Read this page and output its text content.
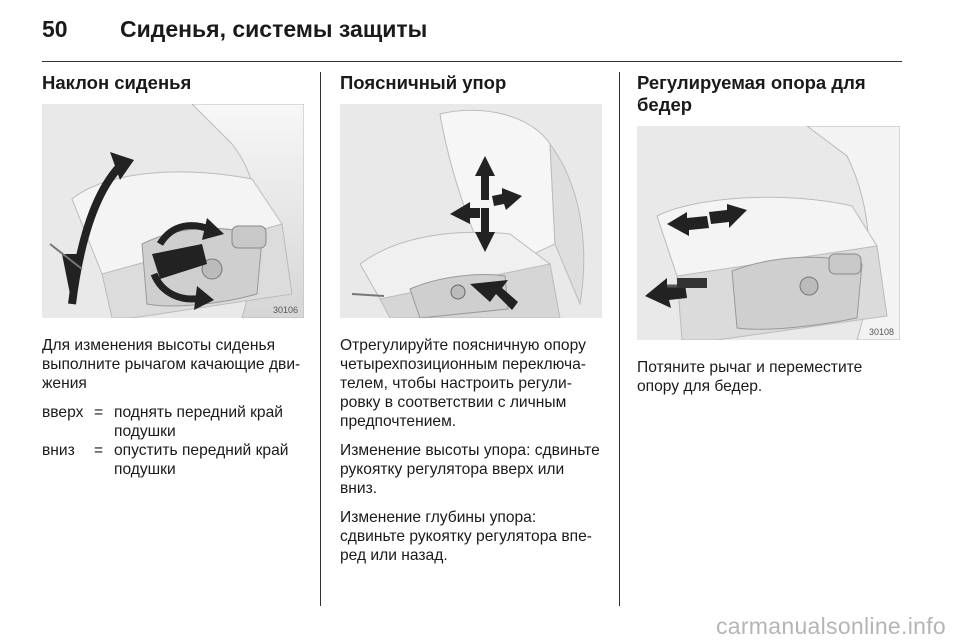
50	Сиденья, системы защиты
Наклон сиденья
30106

Для изменения высоты сиденья выполните рычагом качающие дви-жения

вверх = поднять передний край подушки
вниз	= опустить передний край подушки
Поясничный упор

Отрегулируйте поясничную опору четырехпозиционным переключа-телем, чтобы настроить регули-ровку в соответствии с личным предпочтением.

Изменение высоты упора: сдвиньте рукоятку регулятора вверх или вниз.

Изменение глубины упора: сдвиньте рукоятку регулятора впе-ред или назад.

Регулируемая опора для бедер
30108

Потяните рычаг и переместите опору для бедер.

carmanualsonline.info
